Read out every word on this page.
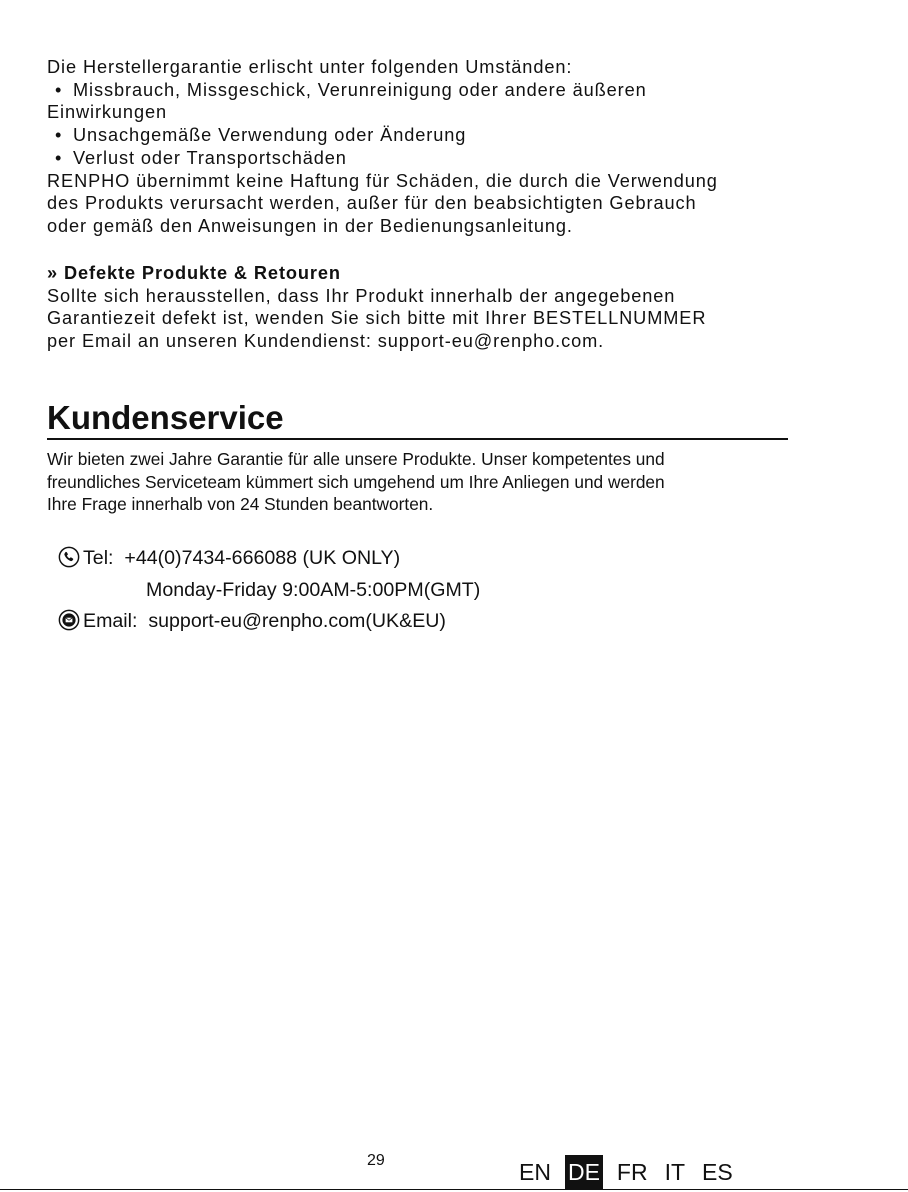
Die Herstellergarantie erlischt unter folgenden Umständen:
• Missbrauch, Missgeschick, Verunreinigung oder andere äußeren
Einwirkungen
• Unsachgemäße Verwendung oder Änderung
• Verlust oder Transportschäden
RENPHO übernimmt keine Haftung für Schäden, die durch die Verwendung
des Produkts verursacht werden, außer für den beabsichtigten Gebrauch
oder gemäß den Anweisungen in der Bedienungsanleitung.
» Defekte Produkte & Retouren
Sollte sich herausstellen, dass Ihr Produkt innerhalb der angegebenen
Garantiezeit defekt ist, wenden Sie sich bitte mit Ihrer BESTELLNUMMER
per Email an unseren Kundendienst: support-eu@renpho.com.
Kundenservice
Wir bieten zwei Jahre Garantie für alle unsere Produkte. Unser kompetentes und
freundliches Serviceteam kümmert sich umgehend um Ihre Anliegen und werden
Ihre Frage innerhalb von 24 Stunden beantworten.
Tel: +44(0)7434-666088 (UK ONLY)
Monday-Friday 9:00AM-5:00PM(GMT)
Email: support-eu@renpho.com(UK&EU)
29	EN DE FR IT ES
